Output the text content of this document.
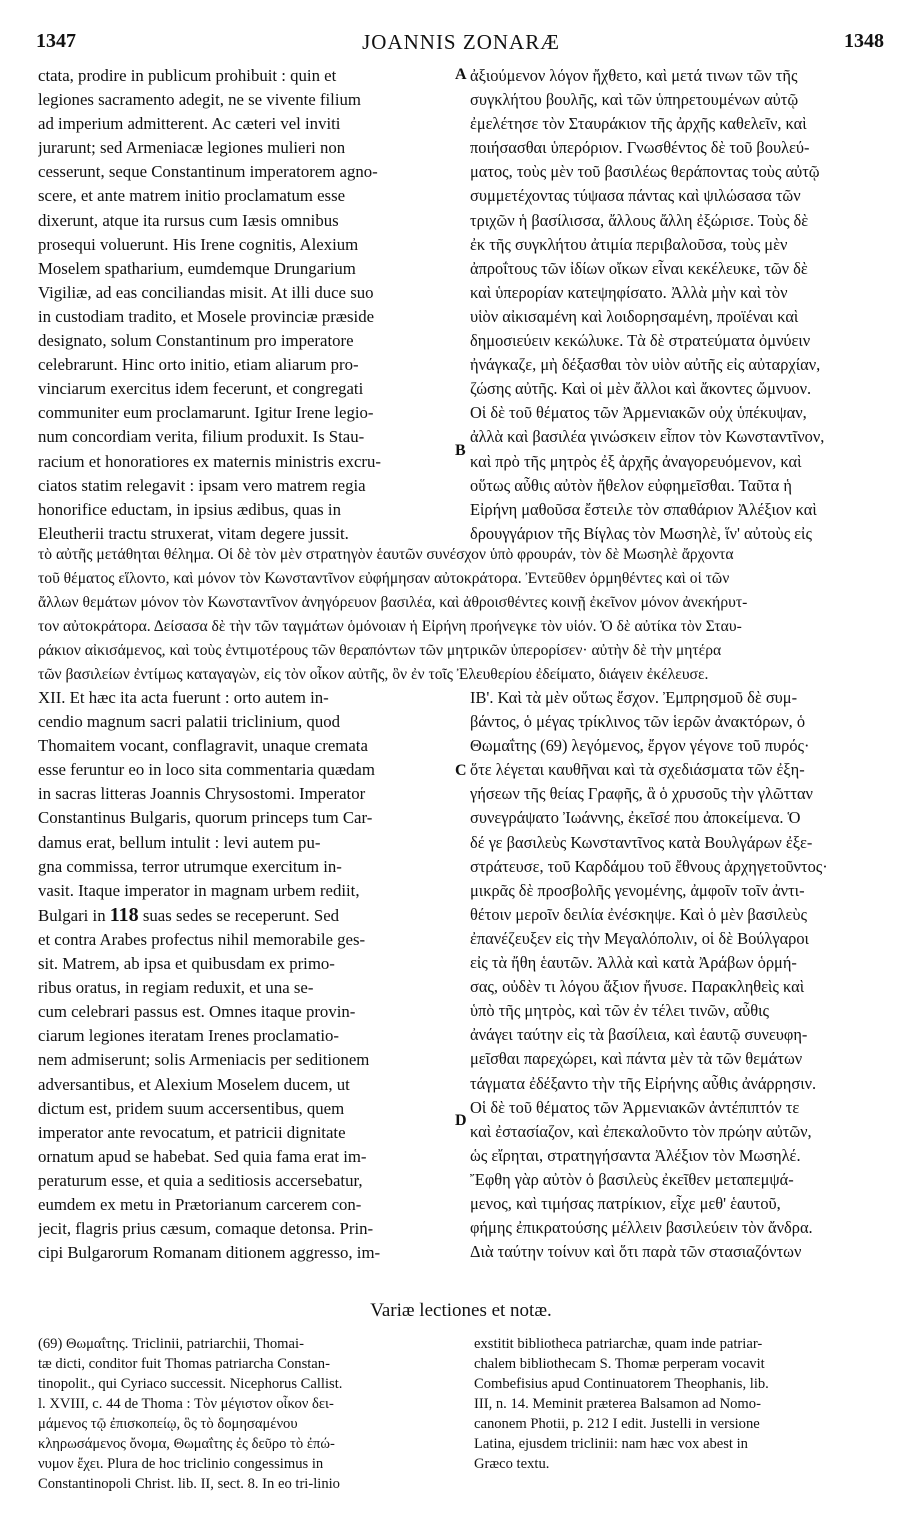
1347	JOANNIS ZONARÆ	1348
A
B
C
D
ctata, prodire in publicum prohibuit : quin et
legiones sacramento adegit, ne se vivente filium
ad imperium admitterent. Ac cæteri vel inviti
jurarunt; sed Armeniacæ legiones mulieri non
cesserunt, seque Constantinum imperatorem agno-
scere, et ante matrem initio proclamatum esse
dixerunt, atque ita rursus cum Iæsis omnibus
prosequi voluerunt. His Irene cognitis, Alexium
Moselem spatharium, eumdemque Drungarium
Vigiliæ, ad eas conciliandas misit. At illi duce suo
in custodiam tradito, et Mosele provinciæ præside
designato, solum Constantinum pro imperatore
celebrarunt. Hinc orto initio, etiam aliarum pro-
vinciarum exercitus idem fecerunt, et congregati
communiter eum proclamarunt. Igitur Irene legio-
num concordiam verita, filium produxit. Is Stau-
racium et honoratiores ex maternis ministris excru-
ciatos statim relegavit : ipsam vero matrem regia
honorifice eductam, in ipsius ædibus, quas in
Eleutherii tractu struxerat, vitam degere jussit.
ἀξιούμενον λόγον ἤχθετο, καὶ μετά τινων τῶν τῆς
συγκλήτου βουλῆς, καὶ τῶν ὑπηρετουμένων αὐτῷ
ἐμελέτησε τὸν Σταυράκιον τῆς ἀρχῆς καθελεῖν, καὶ
ποιήσασθαι ὑπερόριον. Γνωσθέντος δὲ τοῦ βουλεύ-
ματος, τοὺς μὲν τοῦ βασιλέως θεράποντας τοὺς αὐτῷ
συμμετέχοντας τύψασα πάντας καὶ ψιλώσασα τῶν
τριχῶν ἡ βασίλισσα, ἄλλους ἄλλη ἐξώρισε. Τοὺς δὲ
ἐκ τῆς συγκλήτου ἀτιμία περιβαλοῦσα, τοὺς μὲν
ἀπροΐτους τῶν ἰδίων οἴκων εἶναι κεκέλευκε, τῶν δὲ
καὶ ὑπερορίαν κατεψηφίσατο. Ἀλλὰ μὴν καὶ τὸν
υἱὸν αἰκισαμένη καὶ λοιδορησαμένη, προϊέναι καὶ
δημοσιεύειν κεκώλυκε. Τὰ δὲ στρατεύματα ὀμνύειν
ἠνάγκαζε, μὴ δέξασθαι τὸν υἱὸν αὐτῆς εἰς αὐταρχίαν,
ζώσης αὐτῆς. Καὶ οἱ μὲν ἄλλοι καὶ ἄκοντες ὤμνυον.
Οἱ δὲ τοῦ θέματος τῶν Ἀρμενιακῶν οὐχ ὑπέκυψαν,
ἀλλὰ καὶ βασιλέα γινώσκειν εἶπον τὸν Κωνσταντῖνον,
καὶ πρὸ τῆς μητρὸς ἐξ ἀρχῆς ἀναγορευόμενον, καὶ
οὕτως αὖθις αὐτὸν ἤθελον εὐφημεῖσθαι. Ταῦτα ἡ
Εἰρήνη μαθοῦσα ἔστειλε τὸν σπαθάριον Ἀλέξιον καὶ
δρουγγάριον τῆς Βίγλας τὸν Μωσηλὲ, ἵν' αὐτοὺς εἰς
τὸ αὐτῆς μετάθηται θέλημα. Οἱ δὲ τὸν μὲν στρατηγὸν ἑαυτῶν συνέσχον ὑπὸ φρουράν, τὸν δὲ Μωσηλὲ ἄρχοντα
τοῦ θέματος εἵλοντο, καὶ μόνον τὸν Κωνσταντῖνον εὐφήμησαν αὐτοκράτορα. Ἐντεῦθεν ὁρμηθέντες καὶ οἱ τῶν
ἄλλων θεμάτων μόνον τὸν Κωνσταντῖνον ἀνηγόρευον βασιλέα, καὶ ἀθροισθέντες κοινῇ ἐκεῖνον μόνον ἀνεκήρυτ-
τον αὐτοκράτορα. Δείσασα δὲ τὴν τῶν ταγμάτων ὁμόνοιαν ἡ Εἰρήνη προήνεγκε τὸν υἱόν. Ὁ δὲ αὐτίκα τὸν Σταυ-
ράκιον αἰκισάμενος, καὶ τοὺς ἐντιμοτέρους τῶν θεραπόντων τῶν μητρικῶν ὑπερορίσεν· αὐτὴν δὲ τὴν μητέρα
τῶν βασιλείων ἐντίμως καταγαγὼν, εἰς τὸν οἶκον αὐτῆς, ὃν ἐν τοῖς Ἐλευθερίου ἐδείματο, διάγειν ἐκέλευσε.
XII. Et hæc ita acta fuerunt : orto autem in-
cendio magnum sacri palatii triclinium, quod
Thomaitem vocant, conflagravit, unaque cremata
esse feruntur eo in loco sita commentaria quædam
in sacras litteras Joannis Chrysostomi. Imperator
Constantinus Bulgaris, quorum princeps tum Car-
damus erat, bellum intulit : levi autem pu-
gna commissa, terror utrumque exercitum in-
vasit. Itaque imperator in magnam urbem rediit,
Bulgari in 118 suas sedes se receperunt. Sed
et contra Arabes profectus nihil memorabile ges-
sit. Matrem, ab ipsa et quibusdam ex primo-
ribus oratus, in regiam reduxit, et una se-
cum celebrari passus est. Omnes itaque provin-
ciarum legiones iteratam Irenes proclamatio-
nem admiserunt; solis Armeniacis per seditionem
adversantibus, et Alexium Moselem ducem, ut
dictum est, pridem suum accersentibus, quem
imperator ante revocatum, et patricii dignitate
ornatum apud se habebat. Sed quia fama erat im-
peraturum esse, et quia a seditiosis accersebatur,
eumdem ex metu in Prætorianum carcerem con-
jecit, flagris prius cæsum, comaque detonsa. Prin-
cipi Bulgarorum Romanam ditionem aggresso, im-
ΙΒ'. Καὶ τὰ μὲν οὕτως ἔσχον. Ἐμπρησμοῦ δὲ συμ-
βάντος, ὁ μέγας τρίκλινος τῶν ἱερῶν ἀνακτόρων, ὁ
Θωμαΐτης (69) λεγόμενος, ἔργον γέγονε τοῦ πυρός·
ὅτε λέγεται καυθῆναι καὶ τὰ σχεδιάσματα τῶν ἐξη-
γήσεων τῆς θείας Γραφῆς, ἃ ὁ χρυσοῦς τὴν γλῶτταν
συνεγράψατο Ἰωάννης, ἐκεῖσέ που ἀποκείμενα. Ὁ
δέ γε βασιλεὺς Κωνσταντῖνος κατὰ Βουλγάρων ἐξε-
στράτευσε, τοῦ Καρδάμου τοῦ ἔθνους ἀρχηγετοῦντος·
μικρᾶς δὲ προσβολῆς γενομένης, ἀμφοῖν τοῖν ἀντι-
θέτοιν μεροῖν δειλία ἐνέσκηψε. Καὶ ὁ μὲν βασιλεὺς
ἐπανέζευξεν εἰς τὴν Μεγαλόπολιν, οἱ δὲ Βούλγαροι
εἰς τὰ ἤθη ἑαυτῶν. Ἀλλὰ καὶ κατὰ Ἀράβων ὁρμή-
σας, οὐδὲν τι λόγου ἄξιον ἤνυσε. Παρακληθεὶς καὶ
ὑπὸ τῆς μητρὸς, καὶ τῶν ἐν τέλει τινῶν, αὖθις
ἀνάγει ταύτην εἰς τὰ βασίλεια, καὶ ἑαυτῷ συνευφη-
μεῖσθαι παρεχώρει, καὶ πάντα μὲν τὰ τῶν θεμάτων
τάγματα ἐδέξαντο τὴν τῆς Εἰρήνης αὖθις ἀνάρρησιν.
Οἱ δὲ τοῦ θέματος τῶν Ἀρμενιακῶν ἀντέπιπτόν τε
καὶ ἐστασίαζον, καὶ ἐπεκαλοῦντο τὸν πρώην αὐτῶν,
ὡς εἴρηται, στρατηγήσαντα Ἀλέξιον τὸν Μωσηλέ.
Ἔφθη γὰρ αὐτὸν ὁ βασιλεὺς ἐκεῖθεν μεταπεμψά-
μενος, καὶ τιμήσας πατρίκιον, εἶχε μεθ' ἑαυτοῦ,
φήμης ἐπικρατούσης μέλλειν βασιλεύειν τὸν ἄνδρα.
Διὰ ταύτην τοίνυν καὶ ὅτι παρὰ τῶν στασιαζόντων
Variæ lectiones et notæ.
(69) Θωμαΐτης. Triclinii, patriarchii, Thomai-
tæ dicti, conditor fuit Thomas patriarcha Constan-
tinopolit., qui Cyriaco successit. Nicephorus Callist.
l. XVIII, c. 44 de Thoma : Τὸν μέγιστον οἶκον δει-
μάμενος τῷ ἐπισκοπείῳ, ὃς τὸ δομησαμένου
κληρωσάμενος ὄνομα, Θωμαΐτης ἐς δεῦρο τὸ ἐπώ-
νυμον ἔχει. Plura de hoc triclinio congessimus in
Constantinopoli Christ. lib. II, sect. 8. In eo tri-linio
exstitit bibliotheca patriarchæ, quam inde patriar-
chalem bibliothecam S. Thomæ perperam vocavit
Combefisius apud Continuatorem Theophanis, lib.
III, n. 14. Meminit præterea Balsamon ad Nomo-
canonem Photii, p. 212 I edit. Justelli in versione
Latina, ejusdem triclinii: nam hæc vox abest in
Græco textu.
